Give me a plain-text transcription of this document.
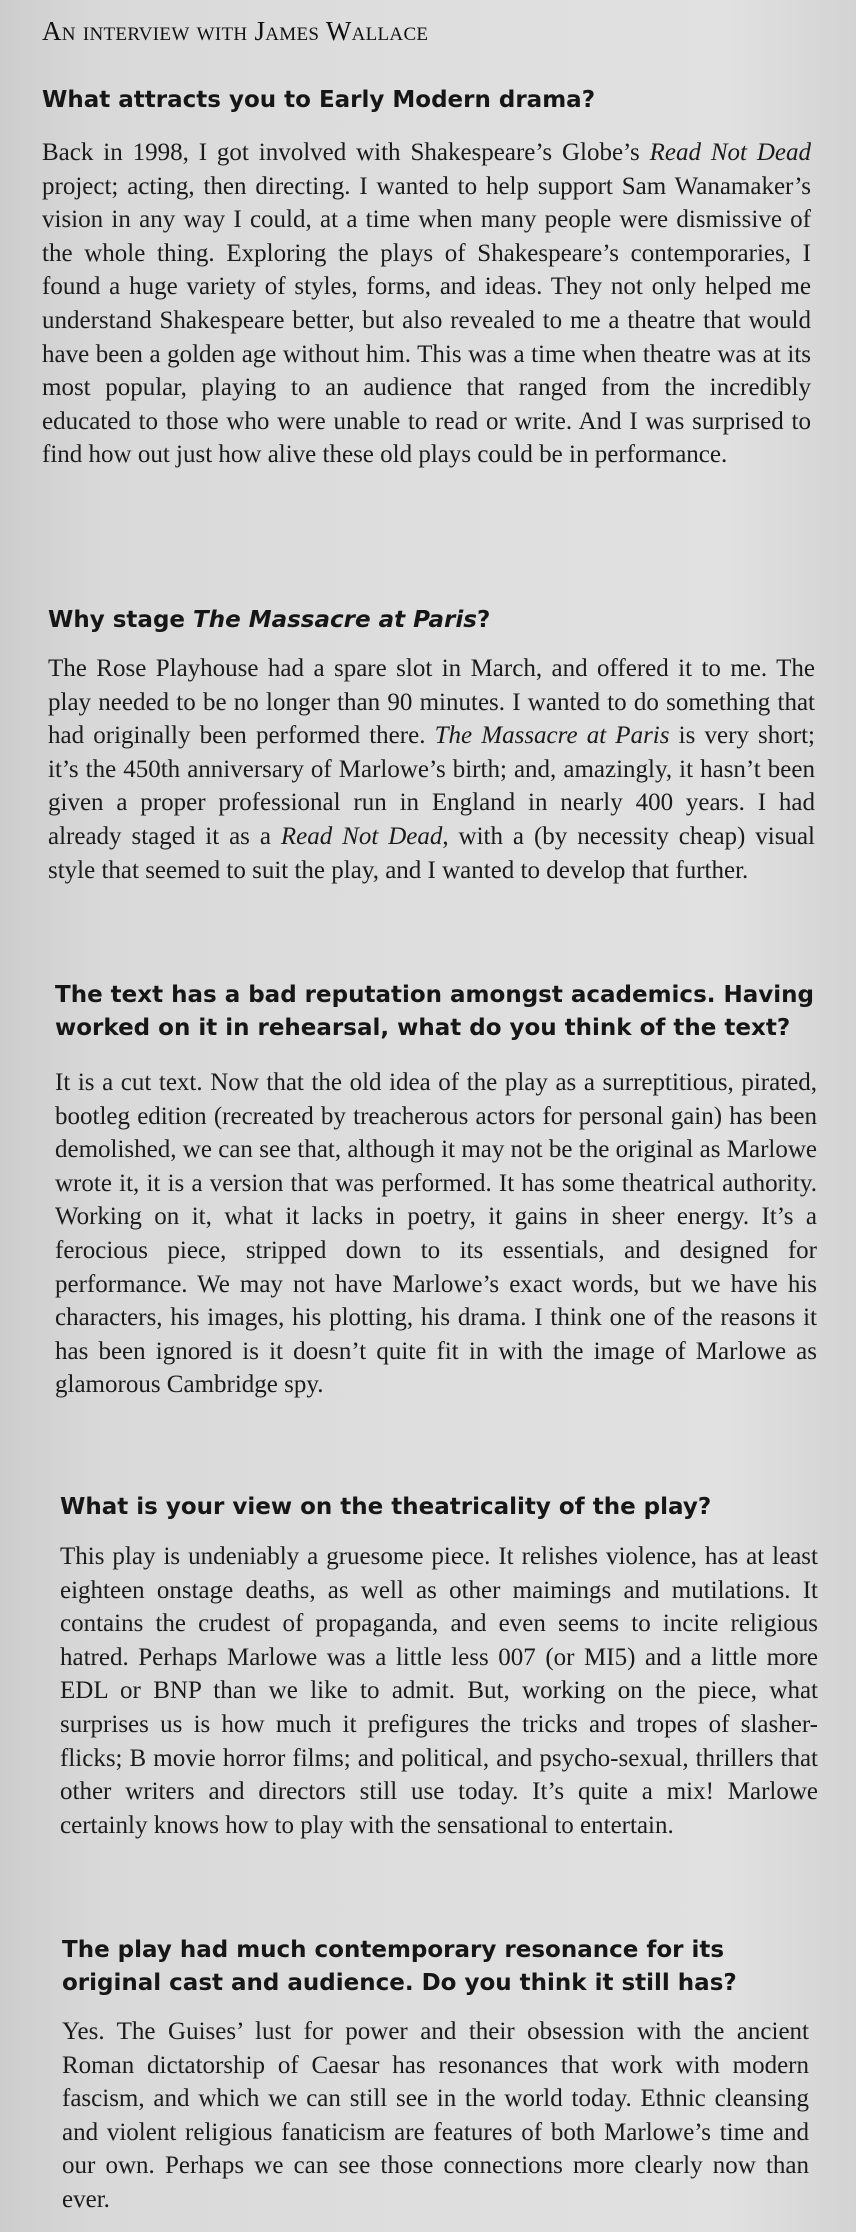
An interview with James Wallace
What attracts you to Early Modern drama?

Back in 1998, I got involved with Shakespeare’s Globe’s Read Not Dead project; acting, then directing. I wanted to help support Sam Wanamaker’s vision in any way I could, at a time when many people were dismissive of the whole thing. Exploring the plays of Shakespeare’s contemporaries, I found a huge variety of styles, forms, and ideas. They not only helped me understand Shakespeare better, but also revealed to me a theatre that would have been a golden age without him. This was a time when theatre was at its most popular, playing to an audience that ranged from the incredibly educated to those who were unable to read or write. And I was surprised to find how out just how alive these old plays could be in performance.

Why stage The Massacre at Paris?

The Rose Playhouse had a spare slot in March, and offered it to me. The play needed to be no longer than 90 minutes. I wanted to do something that had originally been performed there. The Massacre at Paris is very short; it’s the 450th anniversary of Marlowe’s birth; and, amazingly, it hasn’t been given a proper professional run in England in nearly 400 years. I had already staged it as a Read Not Dead, with a (by necessity cheap) visual style that seemed to suit the play, and I wanted to develop that further.

The text has a bad reputation amongst academics. Having worked on it in rehearsal, what do you think of the text?

It is a cut text. Now that the old idea of the play as a surreptitious, pirated, bootleg edition (recreated by treacherous actors for personal gain) has been demolished, we can see that, although it may not be the original as Marlowe wrote it, it is a version that was performed. It has some theatrical authority. Working on it, what it lacks in poetry, it gains in sheer energy. It’s a ferocious piece, stripped down to its essentials, and designed for performance. We may not have Marlowe’s exact words, but we have his characters, his images, his plotting, his drama. I think one of the reasons it has been ignored is it doesn’t quite fit in with the image of Marlowe as glamorous Cambridge spy.

What is your view on the theatricality of the play?

This play is undeniably a gruesome piece. It relishes violence, has at least eighteen onstage deaths, as well as other maimings and mutilations. It contains the crudest of propaganda, and even seems to incite religious hatred. Perhaps Marlowe was a little less 007 (or MI5) and a little more EDL or BNP than we like to admit. But, working on the piece, what surprises us is how much it prefigures the tricks and tropes of slasher-flicks; B movie horror films; and political, and psycho-sexual, thrillers that other writers and directors still use today. It’s quite a mix! Marlowe certainly knows how to play with the sensational to entertain.

The play had much contemporary resonance for its original cast and audience. Do you think it still has?

Yes. The Guises’ lust for power and their obsession with the ancient Roman dictatorship of Caesar has resonances that work with modern fascism, and which we can still see in the world today. Ethnic cleansing and violent religious fanaticism are features of both Marlowe’s time and our own. Perhaps we can see those connections more clearly now than ever.
